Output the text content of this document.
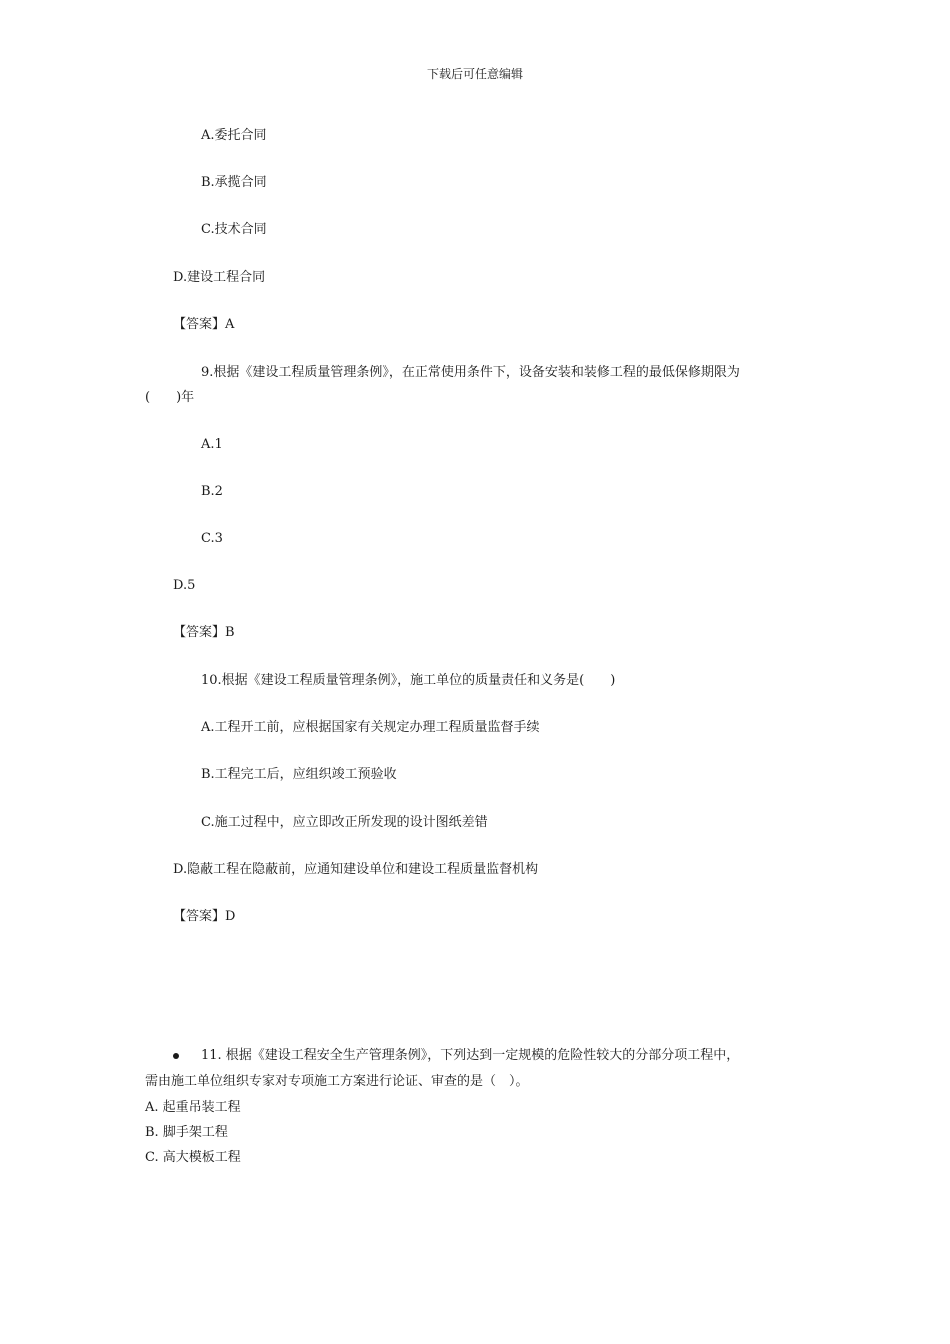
下载后可任意编辑
A.委托合同
B.承揽合同
C.技术合同
D.建设工程合同
【答案】A
9.根据《建设工程质量管理条例》，在正常使用条件下，设备安装和装修工程的最低保修期限为
(　　)年
A.1
B.2
C.3
D.5
【答案】B
10.根据《建设工程质量管理条例》，施工单位的质量责任和义务是(　　)
A.工程开工前，应根据国家有关规定办理工程质量监督手续
B.工程完工后，应组织竣工预验收
C.施工过程中，应立即改正所发现的设计图纸差错
D.隐蔽工程在隐蔽前，应通知建设单位和建设工程质量监督机构
【答案】D
11. 根据《建设工程安全生产管理条例》，下列达到一定规模的危险性较大的分部分项工程中，
需由施工单位组织专家对专项施工方案进行论证、审查的是（　）。
A. 起重吊装工程
B. 脚手架工程
C. 高大模板工程
